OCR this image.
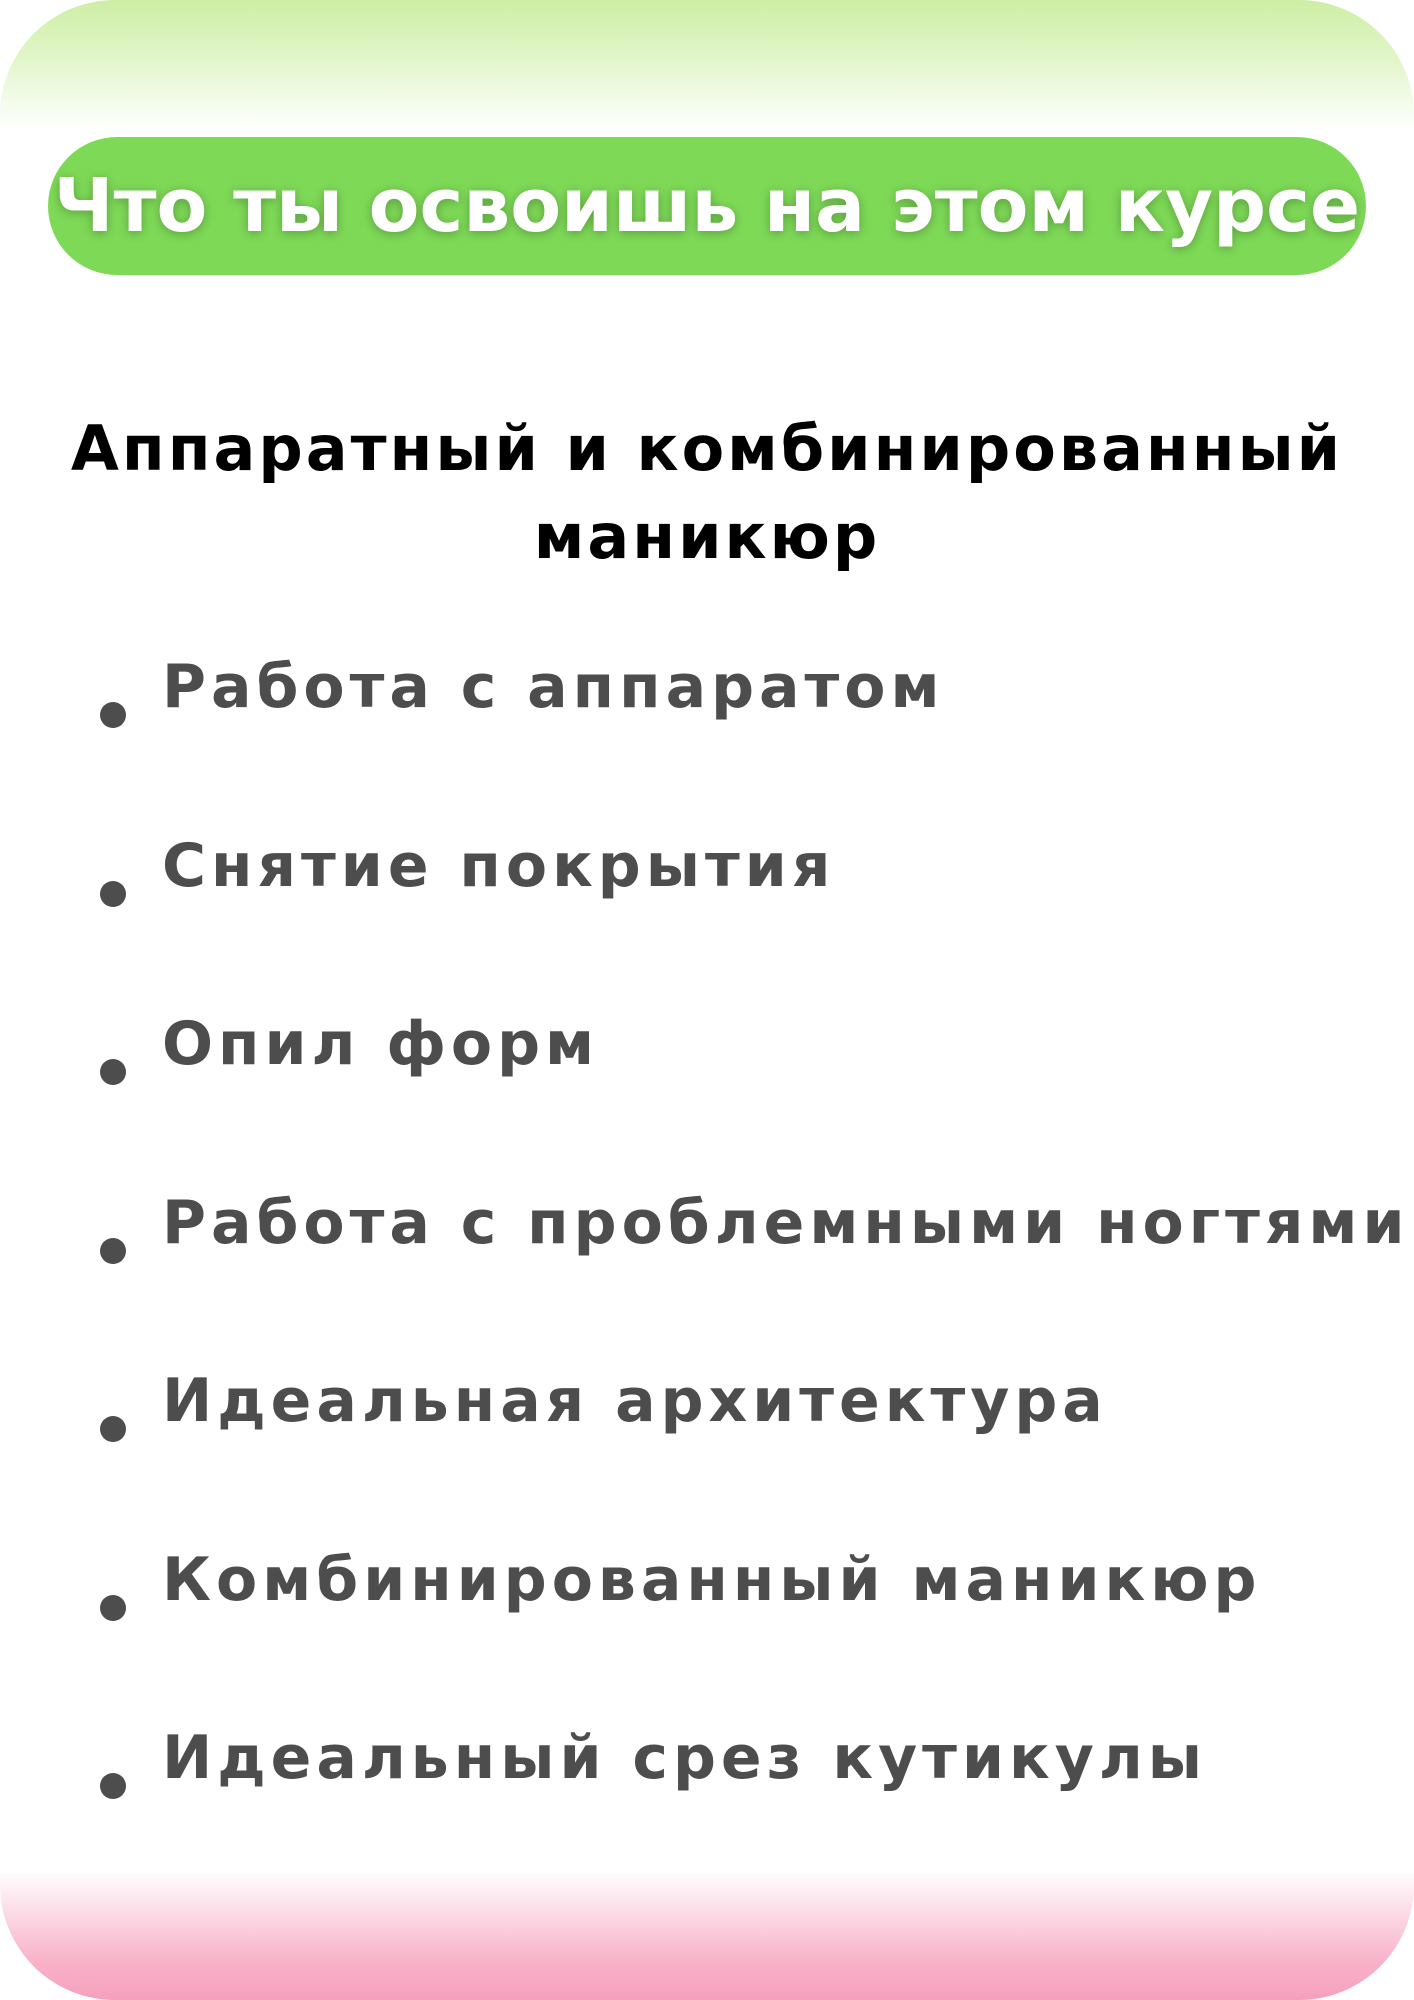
Что ты освоишь на этом курсе
Аппаратный и комбинированный маникюр
Работа с аппаратом
Снятие покрытия
Опил форм
Работа с проблемными ногтями
Идеальная архитектура
Комбинированный маникюр
Идеальный срез кутикулы
